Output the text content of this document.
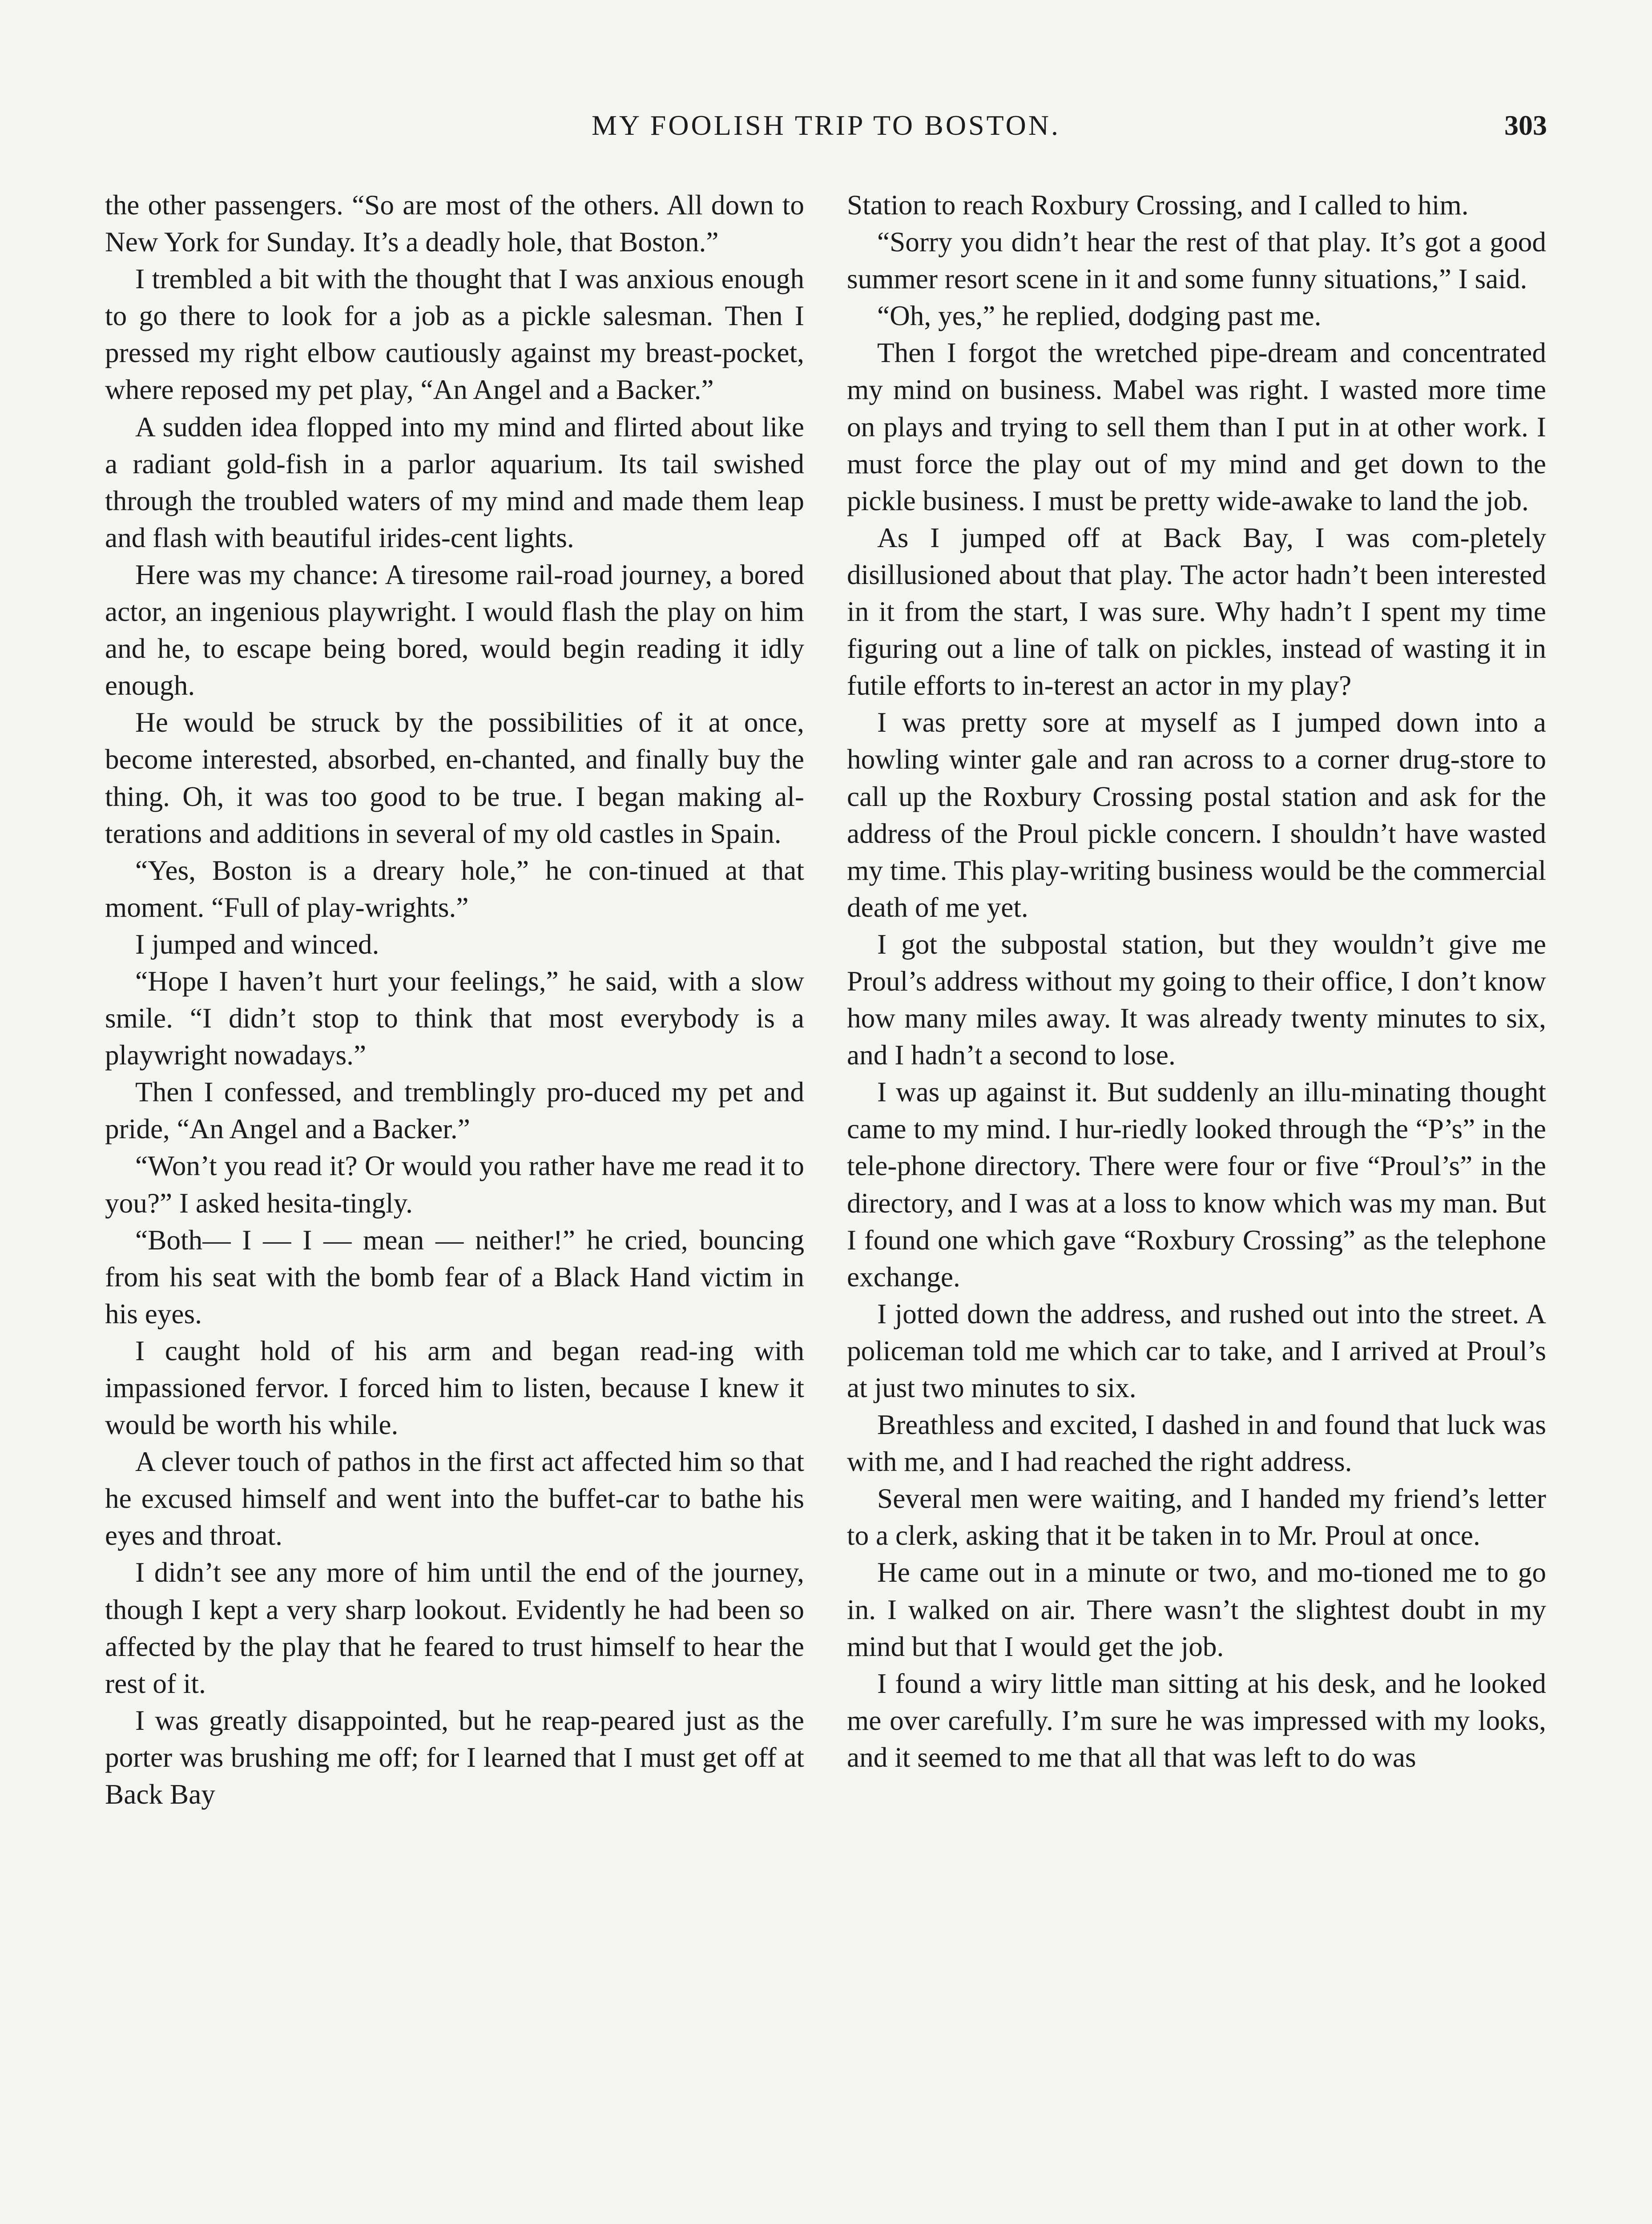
MY FOOLISH TRIP TO BOSTON.	303

the other passengers. “So are most of the others. All down to New York for Sunday. It’s a deadly hole, that Boston.”

I trembled a bit with the thought that I was anxious enough to go there to look for a job as a pickle salesman. Then I pressed my right elbow cautiously against my breast-pocket, where reposed my pet play, “An Angel and a Backer.”

A sudden idea flopped into my mind and flirted about like a radiant gold-fish in a parlor aquarium. Its tail swished through the troubled waters of my mind and made them leap and flash with beautiful irides-cent lights.

Here was my chance: A tiresome rail-road journey, a bored actor, an ingenious playwright. I would flash the play on him and he, to escape being bored, would begin reading it idly enough.

He would be struck by the possibilities of it at once, become interested, absorbed, en-chanted, and finally buy the thing. Oh, it was too good to be true. I began making al-terations and additions in several of my old castles in Spain.

“Yes, Boston is a dreary hole,” he con-tinued at that moment. “Full of play-wrights.”

I jumped and winced.

“Hope I haven’t hurt your feelings,” he said, with a slow smile. “I didn’t stop to think that most everybody is a playwright nowadays.”

Then I confessed, and tremblingly pro-duced my pet and pride, “An Angel and a Backer.”

“Won’t you read it? Or would you rather have me read it to you?” I asked hesita-tingly.

“Both— I — I — mean — neither!” he cried, bouncing from his seat with the bomb fear of a Black Hand victim in his eyes.

I caught hold of his arm and began read-ing with impassioned fervor. I forced him to listen, because I knew it would be worth his while.

A clever touch of pathos in the first act affected him so that he excused himself and went into the buffet-car to bathe his eyes and throat.

I didn’t see any more of him until the end of the journey, though I kept a very sharp lookout. Evidently he had been so affected by the play that he feared to trust himself to hear the rest of it.

I was greatly disappointed, but he reap-peared just as the porter was brushing me off; for I learned that I must get off at Back Bay

Station to reach Roxbury Crossing, and I called to him.

“Sorry you didn’t hear the rest of that play. It’s got a good summer resort scene in it and some funny situations,” I said.

“Oh, yes,” he replied, dodging past me.

Then I forgot the wretched pipe-dream and concentrated my mind on business. Mabel was right. I wasted more time on plays and trying to sell them than I put in at other work. I must force the play out of my mind and get down to the pickle business. I must be pretty wide-awake to land the job.

As I jumped off at Back Bay, I was com-pletely disillusioned about that play. The actor hadn’t been interested in it from the start, I was sure. Why hadn’t I spent my time figuring out a line of talk on pickles, instead of wasting it in futile efforts to in-terest an actor in my play?

I was pretty sore at myself as I jumped down into a howling winter gale and ran across to a corner drug-store to call up the Roxbury Crossing postal station and ask for the address of the Proul pickle concern. I shouldn’t have wasted my time. This play-writing business would be the commercial death of me yet.

I got the subpostal station, but they wouldn’t give me Proul’s address without my going to their office, I don’t know how many miles away. It was already twenty minutes to six, and I hadn’t a second to lose.

I was up against it. But suddenly an illu-minating thought came to my mind. I hur-riedly looked through the “P’s” in the tele-phone directory. There were four or five “Proul’s” in the directory, and I was at a loss to know which was my man. But I found one which gave “Roxbury Crossing” as the telephone exchange.

I jotted down the address, and rushed out into the street. A policeman told me which car to take, and I arrived at Proul’s at just two minutes to six.

Breathless and excited, I dashed in and found that luck was with me, and I had reached the right address.

Several men were waiting, and I handed my friend’s letter to a clerk, asking that it be taken in to Mr. Proul at once.

He came out in a minute or two, and mo-tioned me to go in. I walked on air. There wasn’t the slightest doubt in my mind but that I would get the job.

I found a wiry little man sitting at his desk, and he looked me over carefully. I’m sure he was impressed with my looks, and it seemed to me that all that was left to do was
